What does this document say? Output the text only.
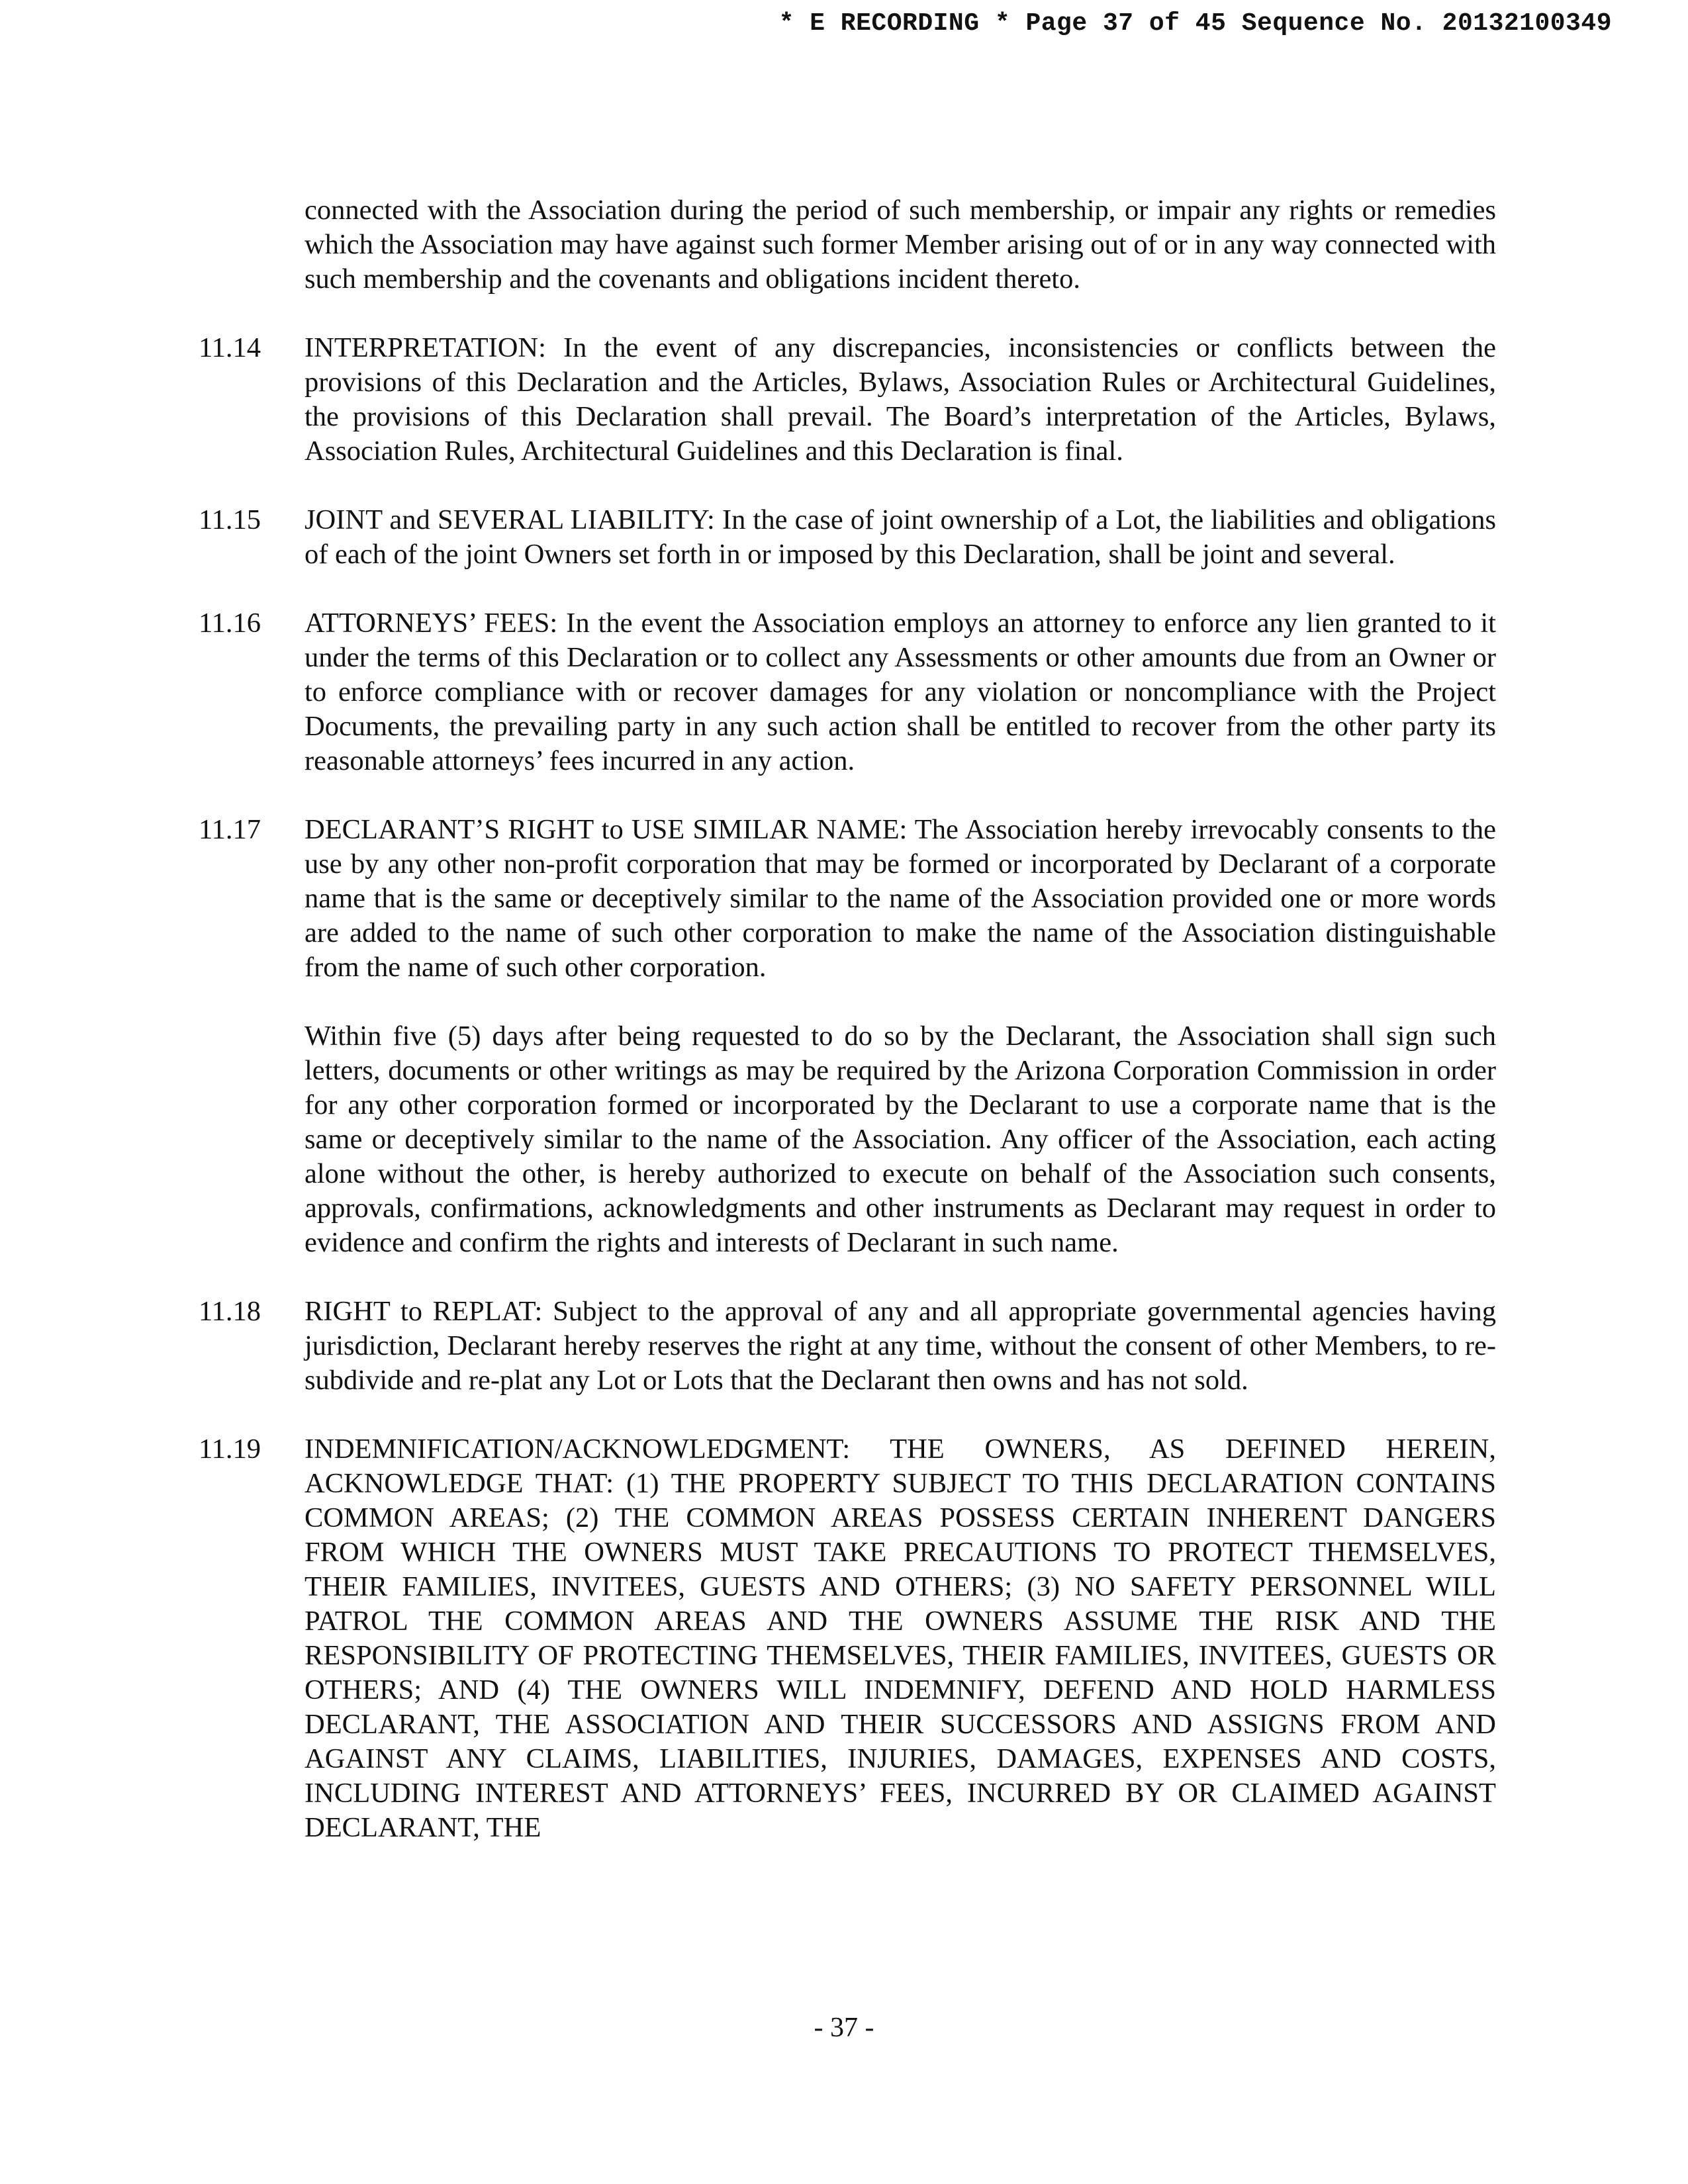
* E RECORDING * Page 37 of 45 Sequence No. 20132100349
connected with the Association during the period of such membership, or impair any rights or remedies which the Association may have against such former Member arising out of or in any way connected with such membership and the covenants and obligations incident thereto.
11.14	INTERPRETATION: In the event of any discrepancies, inconsistencies or conflicts between the provisions of this Declaration and the Articles, Bylaws, Association Rules or Architectural Guidelines, the provisions of this Declaration shall prevail. The Board’s interpretation of the Articles, Bylaws, Association Rules, Architectural Guidelines and this Declaration is final.
11.15	JOINT and SEVERAL LIABILITY: In the case of joint ownership of a Lot, the liabilities and obligations of each of the joint Owners set forth in or imposed by this Declaration, shall be joint and several.
11.16	ATTORNEYS’ FEES: In the event the Association employs an attorney to enforce any lien granted to it under the terms of this Declaration or to collect any Assessments or other amounts due from an Owner or to enforce compliance with or recover damages for any violation or noncompliance with the Project Documents, the prevailing party in any such action shall be entitled to recover from the other party its reasonable attorneys’ fees incurred in any action.
11.17	DECLARANT’S RIGHT to USE SIMILAR NAME: The Association hereby irrevocably consents to the use by any other non-profit corporation that may be formed or incorporated by Declarant of a corporate name that is the same or deceptively similar to the name of the Association provided one or more words are added to the name of such other corporation to make the name of the Association distinguishable from the name of such other corporation.
Within five (5) days after being requested to do so by the Declarant, the Association shall sign such letters, documents or other writings as may be required by the Arizona Corporation Commission in order for any other corporation formed or incorporated by the Declarant to use a corporate name that is the same or deceptively similar to the name of the Association. Any officer of the Association, each acting alone without the other, is hereby authorized to execute on behalf of the Association such consents, approvals, confirmations, acknowledgments and other instruments as Declarant may request in order to evidence and confirm the rights and interests of Declarant in such name.
11.18	RIGHT to REPLAT: Subject to the approval of any and all appropriate governmental agencies having jurisdiction, Declarant hereby reserves the right at any time, without the consent of other Members, to re-subdivide and re-plat any Lot or Lots that the Declarant then owns and has not sold.
11.19	INDEMNIFICATION/ACKNOWLEDGMENT: THE OWNERS, AS DEFINED HEREIN, ACKNOWLEDGE THAT: (1) THE PROPERTY SUBJECT TO THIS DECLARATION CONTAINS COMMON AREAS; (2) THE COMMON AREAS POSSESS CERTAIN INHERENT DANGERS FROM WHICH THE OWNERS MUST TAKE PRECAUTIONS TO PROTECT THEMSELVES, THEIR FAMILIES, INVITEES, GUESTS AND OTHERS; (3) NO SAFETY PERSONNEL WILL PATROL THE COMMON AREAS AND THE OWNERS ASSUME THE RISK AND THE RESPONSIBILITY OF PROTECTING THEMSELVES, THEIR FAMILIES, INVITEES, GUESTS OR OTHERS; AND (4) THE OWNERS WILL INDEMNIFY, DEFEND AND HOLD HARMLESS DECLARANT, THE ASSOCIATION AND THEIR SUCCESSORS AND ASSIGNS FROM AND AGAINST ANY CLAIMS, LIABILITIES, INJURIES, DAMAGES, EXPENSES AND COSTS, INCLUDING INTEREST AND ATTORNEYS’ FEES, INCURRED BY OR CLAIMED AGAINST DECLARANT, THE
- 37 -
